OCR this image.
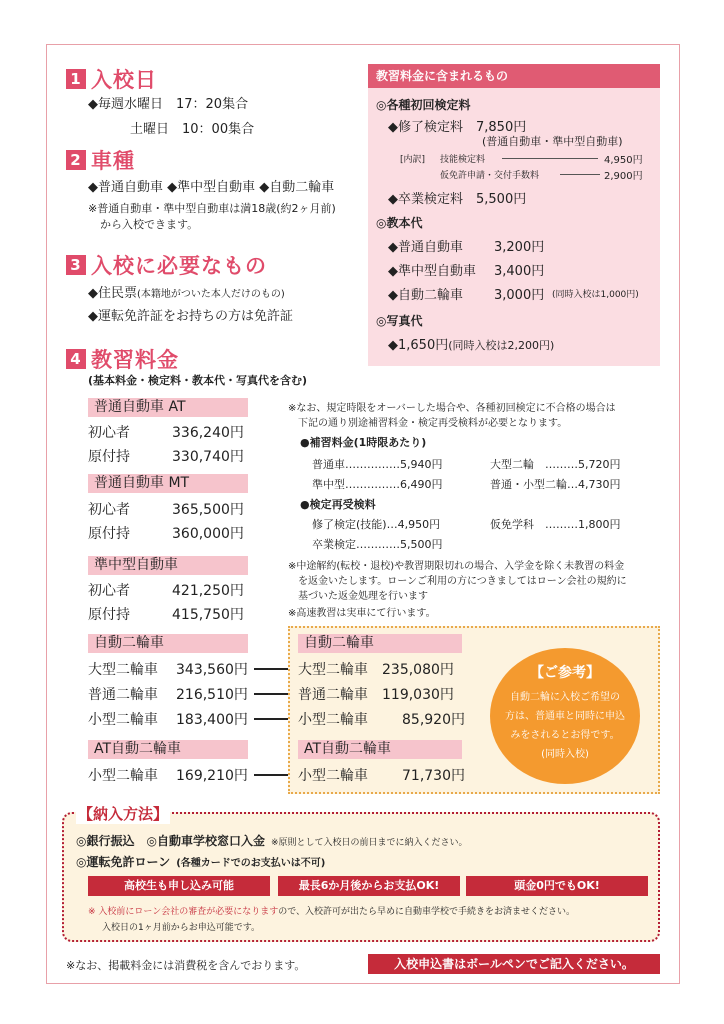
1 入校日
◆毎週水曜日　17：20集合
土曜日　10：00集合
2 車種
◆普通自動車 ◆準中型自動車 ◆自動二輪車
※普通自動車・準中型自動車は満18歳(約2ヶ月前)
から入校できます。
3 入校に必要なもの
◆住民票(本籍地がついた本人だけのもの)
◆運転免許証をお持ちの方は免許証
4 教習料金
(基本料金・検定料・教本代・写真代を含む)
教習料金に含まれるもの
◎各種初回検定料
◆修了検定料　7,850円
(普通自動車・準中型自動車)
[内訳] 技能検定料	4,950円
仮免許申請・交付手数料	2,900円
◆卒業検定料　5,500円
◎教本代
◆普通自動車 3,200円
◆準中型自動車 3,400円
◆自動二輪車 3,000円 (同時入校は1,000円)
◎写真代
◆1,650円(同時入校は2,200円)
普通自動車 AT
初心者	336,240円
原付持	330,740円
普通自動車 MT
初心者	365,500円
原付持	360,000円
準中型自動車
初心者	421,250円
原付持	415,750円
自動二輪車
大型二輪車	343,560円
普通二輪車	216,510円
小型二輪車	183,400円
AT自動二輪車
小型二輪車	169,210円
自動二輪車
大型二輪車	235,080円
普通二輪車	119,030円
小型二輪車	85,920円
AT自動二輪車
小型二輪車	71,730円
【ご参考】
自動二輪に入校ご希望の
方は、普通車と同時に申込
みをされるとお得です。
(同時入校)
※なお、規定時限をオーバーした場合や、各種初回検定に不合格の場合は
下記の通り別途補習料金・検定再受検料が必要となります。
●補習料金(1時限あたり)
普通車……………5,940円	大型二輪　………5,720円
準中型……………6,490円	普通・小型二輪…4,730円
●検定再受検料
修了検定(技能)…4,950円	仮免学科　………1,800円
卒業検定…………5,500円
※中途解約(転校・退校)や教習期限切れの場合、入学金を除く未教習の料金
を返金いたします。ローンご利用の方につきましてはローン会社の規約に
基づいた返金処理を行います
※高速教習は実車にて行います。
【納入方法】
◎銀行振込　◎自動車学校窓口入金 ※原則として入校日の前日までに納入ください。
◎運転免許ローン (各種カードでのお支払いは不可)
高校生も申し込み可能	最長6か月後からお支払OK!	頭金0円でもOK!
※ 入校前にローン会社の審査が必要になりますので、入校許可が出たら早めに自動車学校で手続きをお済ませください。
入校日の1ヶ月前からお申込可能です。
※なお、掲載料金には消費税を含んでおります。	入校申込書はボールペンでご記入ください。
